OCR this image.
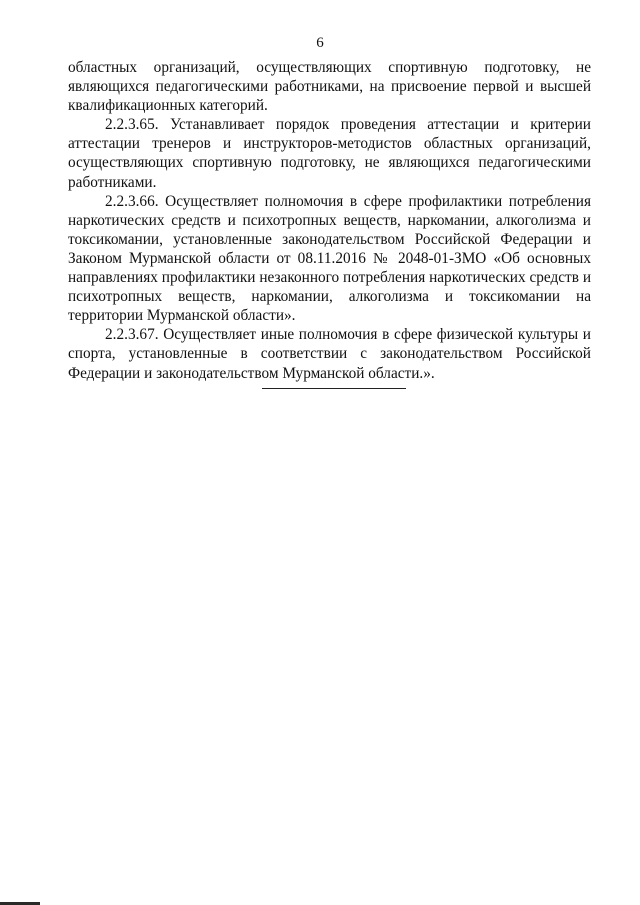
6

областных организаций, осуществляющих спортивную подготовку, не являющихся педагогическими работниками, на присвоение первой и высшей квалификационных категорий.

2.2.3.65. Устанавливает порядок проведения аттестации и критерии аттестации тренеров и инструкторов-методистов областных организаций, осуществляющих спортивную подготовку, не являющихся педагогическими работниками.

2.2.3.66. Осуществляет полномочия в сфере профилактики потребления наркотических средств и психотропных веществ, наркомании, алкоголизма и токсикомании, установленные законодательством Российской Федерации и Законом Мурманской области от 08.11.2016 № 2048-01-ЗМО «Об основных направлениях профилактики незаконного потребления наркотических средств и психотропных веществ, наркомании, алкоголизма и токсикомании на территории Мурманской области».

2.2.3.67. Осуществляет иные полномочия в сфере физической культуры и спорта, установленные в соответствии с законодательством Российской Федерации и законодательством Мурманской области.».
